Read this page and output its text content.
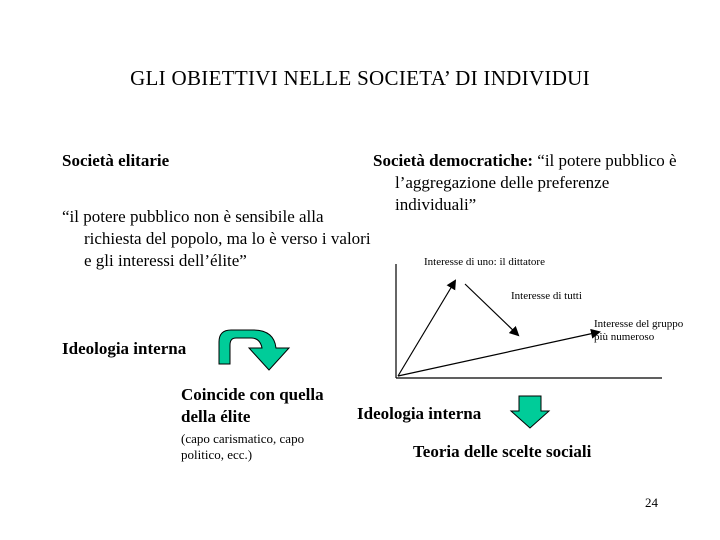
GLI OBIETTIVI NELLE SOCIETA’ DI INDIVIDUI
Società elitarie
“il potere pubblico non è sensibile alla richiesta del popolo, ma lo è verso i valori e gli interessi dell’élite”
Ideologia interna
Coincide con quella della élite
(capo carismatico, capo politico, ecc.)
Società democratiche: “il potere pubblico è l’aggregazione delle preferenze individuali”
Interesse di uno: il dittatore
Interesse di tutti
Interesse del gruppo più numeroso
Ideologia interna
Teoria delle scelte sociali
24
